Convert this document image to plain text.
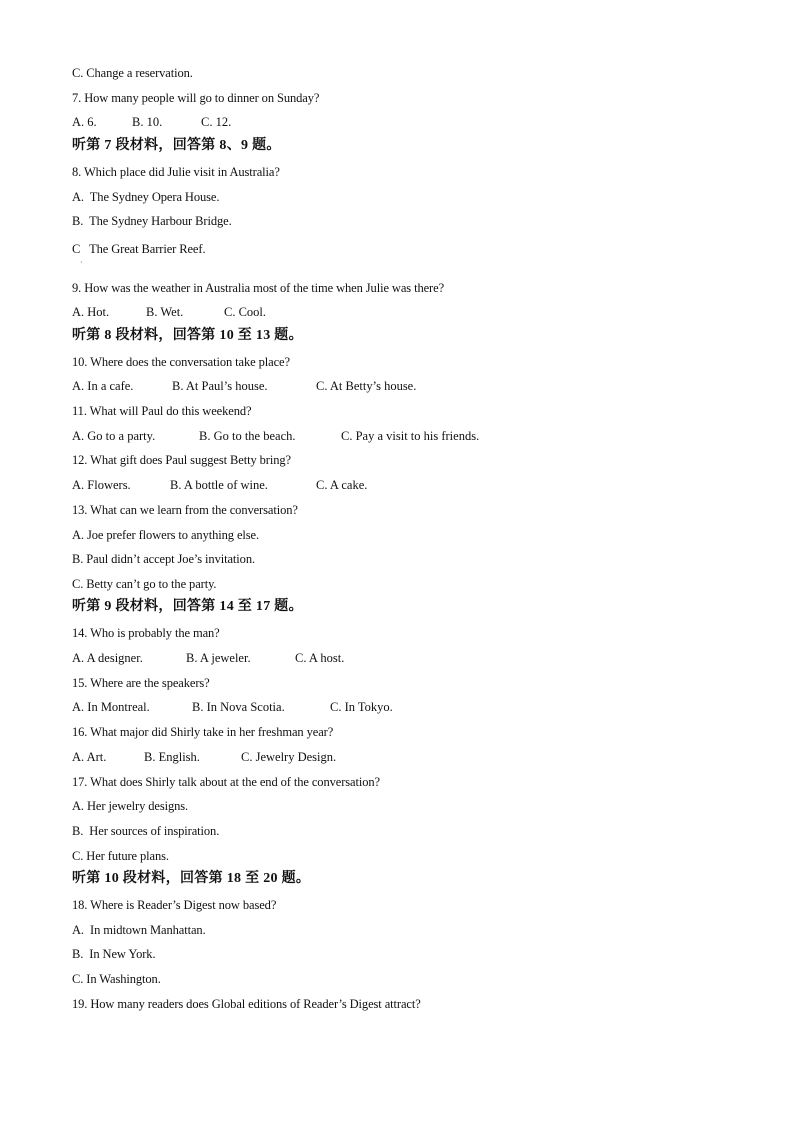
C. Change a reservation.
7. How many people will go to dinner on Sunday?
A. 6.	B. 10.	C. 12.
听第 7 段材料，回答第 8、9 题。
8. Which place did Julie visit in Australia?
A.  The Sydney Opera House.
B.  The Sydney Harbour Bridge.
C   The Great Barrier Reef.
·
9. How was the weather in Australia most of the time when Julie was there?
A. Hot.	B. Wet.	C. Cool.
听第 8 段材料，回答第 10 至 13 题。
10. Where does the conversation take place?
A. In a cafe.	B. At Paul’s house.	C. At Betty’s house.
11. What will Paul do this weekend?
A. Go to a party.	B. Go to the beach.	C. Pay a visit to his friends.
12. What gift does Paul suggest Betty bring?
A. Flowers.	B. A bottle of wine.	C. A cake.
13. What can we learn from the conversation?
A. Joe prefer flowers to anything else.
B. Paul didn’t accept Joe’s invitation.
C. Betty can’t go to the party.
听第 9 段材料，回答第 14 至 17 题。
14. Who is probably the man?
A. A designer.	B. A jeweler.	C. A host.
15. Where are the speakers?
A. In Montreal.	B. In Nova Scotia.	C. In Tokyo.
16. What major did Shirly take in her freshman year?
A. Art.	B. English.	C. Jewelry Design.
17. What does Shirly talk about at the end of the conversation?
A. Her jewelry designs.
B.  Her sources of inspiration.
C. Her future plans.
听第 10 段材料，回答第 18 至 20 题。
18. Where is Reader’s Digest now based?
A.  In midtown Manhattan.
B.  In New York.
C. In Washington.
19. How many readers does Global editions of Reader’s Digest attract?
